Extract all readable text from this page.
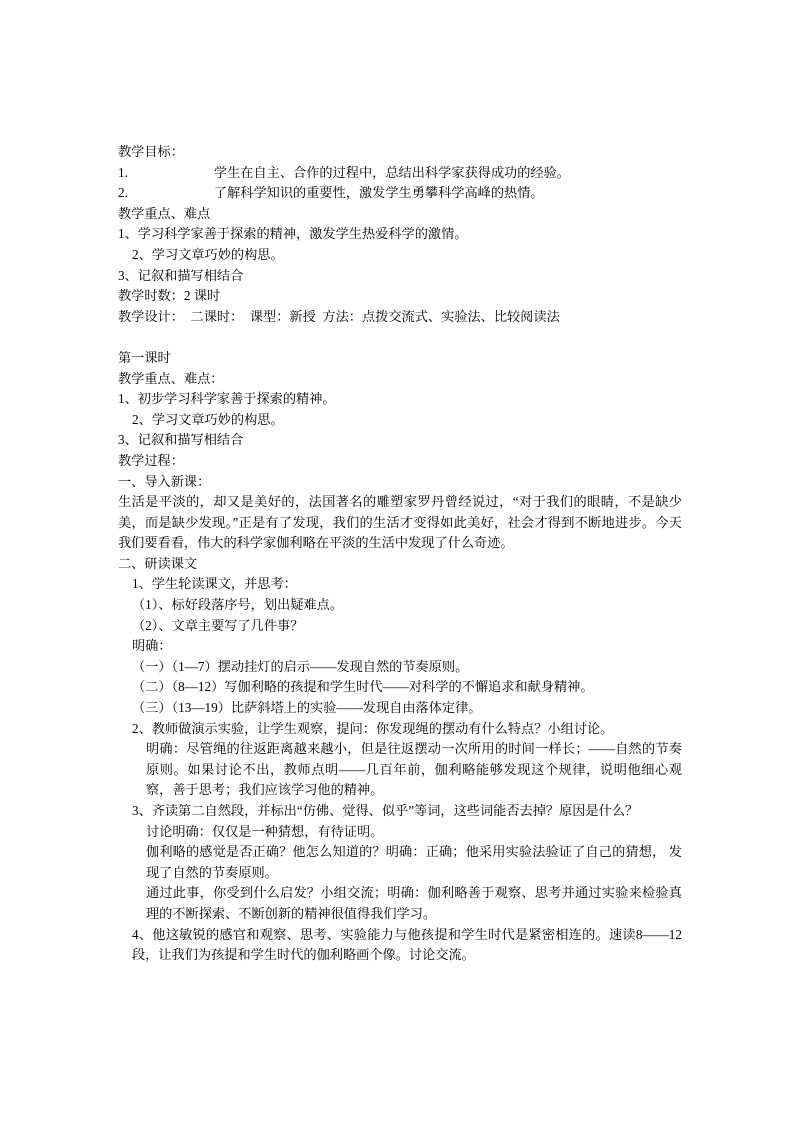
教学目标：

1.	学生在自主、合作的过程中，总结出科学家获得成功的经验。

2.	了解科学知识的重要性，激发学生勇攀科学高峰的热情。

教学重点、难点

1、学习科学家善于探索的精神，激发学生热爱科学的激情。

2、学习文章巧妙的构思。

3、记叙和描写相结合

教学时数：2 课时

教学设计：  二课时：  课型：新授  方法：点拨交流式、实验法、比较阅读法

第一课时

教学重点、难点：

1、初步学习科学家善于探索的精神。

2、学习文章巧妙的构思。

3、记叙和描写相结合

教学过程：

一、导入新课：

生活是平淡的，却又是美好的，法国著名的雕塑家罗丹曾经说过，“对于我们的眼睛，不是缺少美，而是缺少发现。”正是有了发现，我们的生活才变得如此美好，社会才得到不断地进步。今天我们要看看，伟大的科学家伽利略在平淡的生活中发现了什么奇迹。

二、研读课文

1、学生轮读课文，并思考：

（1）、标好段落序号，划出疑难点。

（2）、文章主要写了几件事？

明确：

（一）（1—7）摆动挂灯的启示——发现自然的节奏原则。

（二）（8—12）写伽利略的孩提和学生时代——对科学的不懈追求和献身精神。

（三）（13—19）比萨斜塔上的实验——发现自由落体定律。

2、教师做演示实验，让学生观察，提问：你发现绳的摆动有什么特点？小组讨论。

明确：尽管绳的往返距离越来越小，但是往返摆动一次所用的时间一样长；——自然的节奏原则。如果讨论不出，教师点明——几百年前，伽利略能够发现这个规律，说明他细心观察，善于思考；我们应该学习他的精神。

3、齐读第二自然段，并标出“仿佛、觉得、似乎”等词，这些词能否去掉？原因是什么？

讨论明确：仅仅是一种猜想，有待证明。

伽利略的感觉是否正确？他怎么知道的？明确：正确；他采用实验法验证了自己的猜想， 发现了自然的节奏原则。

通过此事，你受到什么启发？小组交流；明确：伽利略善于观察、思考并通过实验来检验真理的不断探索、不断创新的精神很值得我们学习。

4、他这敏锐的感官和观察、思考、实验能力与他孩提和学生时代是紧密相连的。速读8——12 段，让我们为孩提和学生时代的伽利略画个像。讨论交流。
